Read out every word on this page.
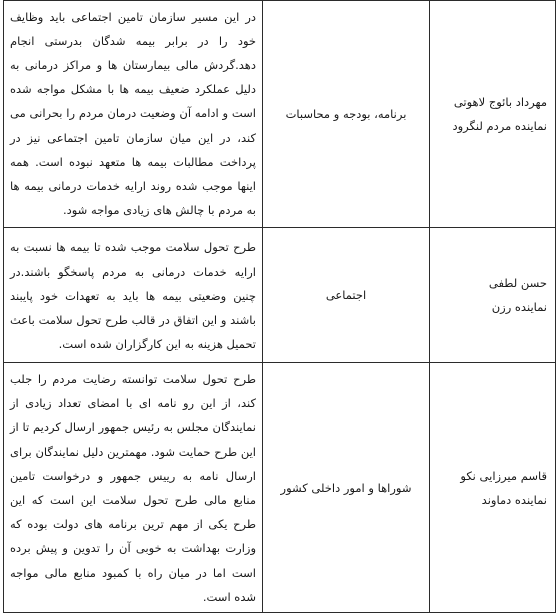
مهرداد بائوج لاهوتی
نماینده مردم لنگرود	برنامه، بودجه و محاسبات	در این مسیر سازمان تامین اجتماعی باید وظایف خود را در برابر بیمه شدگان بدرستی انجام دهد.گردش مالی بیمارستان ها و مراکز درمانی به دلیل عملکرد ضعیف بیمه ها با مشکل مواجه شده است و ادامه آن وضعیت درمان مردم را بحرانی می کند، در این میان سازمان تامین اجتماعی نیز در پرداخت مطالبات بیمه ها متعهد نبوده است. همه اینها موجب شده روند ارایه خدمات درمانی بیمه ها به مردم با چالش های زیادی مواجه شود.

حسن لطفی
نماینده رزن	اجتماعی	طرح تحول سلامت موجب شده تا بیمه ها نسبت به ارایه خدمات درمانی به مردم پاسخگو باشند.در چنین وضعیتی بیمه ها باید به تعهدات خود پایبند باشند و این اتفاق در قالب طرح تحول سلامت باعث تحمیل هزینه به این کارگزاران شده است.

قاسم میرزایی نکو
نماینده دماوند	شوراها و امور داخلی کشور	طرح تحول سلامت توانسته رضایت مردم را جلب کند، از این رو نامه ای با امضای تعداد زیادی از نمایندگان مجلس به رئیس جمهور ارسال کردیم تا از این طرح حمایت شود. مهمترین دلیل نمایندگان برای ارسال نامه به رییس جمهور و درخواست تامین منابع مالی طرح تحول سلامت این است که این طرح یکی از مهم ترین برنامه های دولت بوده که وزارت بهداشت به خوبی آن را تدوین و پیش برده است اما در میان راه با کمبود منابع مالی مواجه شده است.
